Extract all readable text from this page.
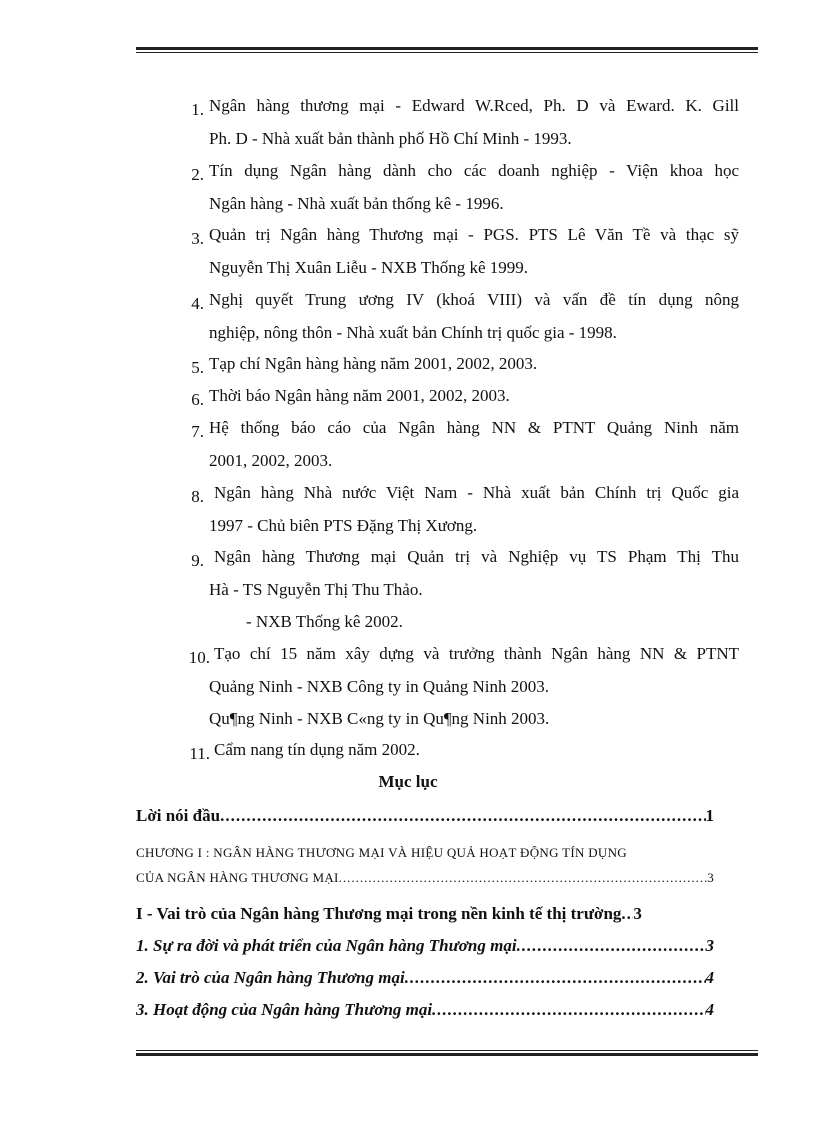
1. Ngân hàng thương mại - Edward W.Rced, Ph. D và Eward. K. Gill
Ph. D - Nhà xuất bản thành phố Hồ Chí Minh - 1993.
2. Tín dụng Ngân hàng dành cho các doanh nghiệp - Viện khoa học
Ngân hàng - Nhà xuất bản thống kê - 1996.
3. Quản trị Ngân hàng Thương mại - PGS. PTS Lê Văn Tề và thạc sỹ
Nguyễn Thị Xuân Liễu - NXB Thống kê 1999.
4. Nghị quyết Trung ương IV (khoá VIII) và vấn đề tín dụng nông
nghiệp, nông thôn - Nhà xuất bản Chính trị quốc gia - 1998.
5. Tạp chí Ngân hàng hàng năm 2001, 2002, 2003.
6. Thời báo Ngân hàng năm 2001, 2002, 2003.
7. Hệ thống báo cáo của Ngân hàng NN & PTNT Quảng Ninh năm
2001, 2002, 2003.
8. Ngân hàng Nhà nước Việt Nam - Nhà xuất bản Chính trị Quốc gia
1997 - Chủ biên PTS Đặng Thị Xương.
9. Ngân hàng Thương mại Quản trị và Nghiệp vụ TS Phạm Thị Thu
Hà - TS Nguyễn Thị Thu Thảo.
- NXB Thống kê 2002.
10. Tạo chí 15 năm xây dựng và trưởng thành Ngân hàng NN & PTNT
Quảng Ninh - NXB Công ty in Quảng Ninh 2003.
Qu¶ng Ninh - NXB C«ng ty in Qu¶ng Ninh 2003.
11. Cẩm nang tín dụng năm 2002.
Mục lục
Lời nói đầu .....	1
CHƯƠNG I : NGÂN HÀNG THƯƠNG MẠI VÀ HIỆU QUẢ HOẠT ĐỘNG TÍN DỤNG
CỦA NGÂN HÀNG THƯƠNG MẠI .....	3
I - Vai trò của Ngân hàng Thương mại trong nền kinh tế thị trường ..... 3
1. Sự ra đời và phát triển của Ngân hàng Thương mại .....	3
2. Vai trò của Ngân hàng Thương mại .....	4
3. Hoạt động của Ngân hàng Thương mại .....	4
